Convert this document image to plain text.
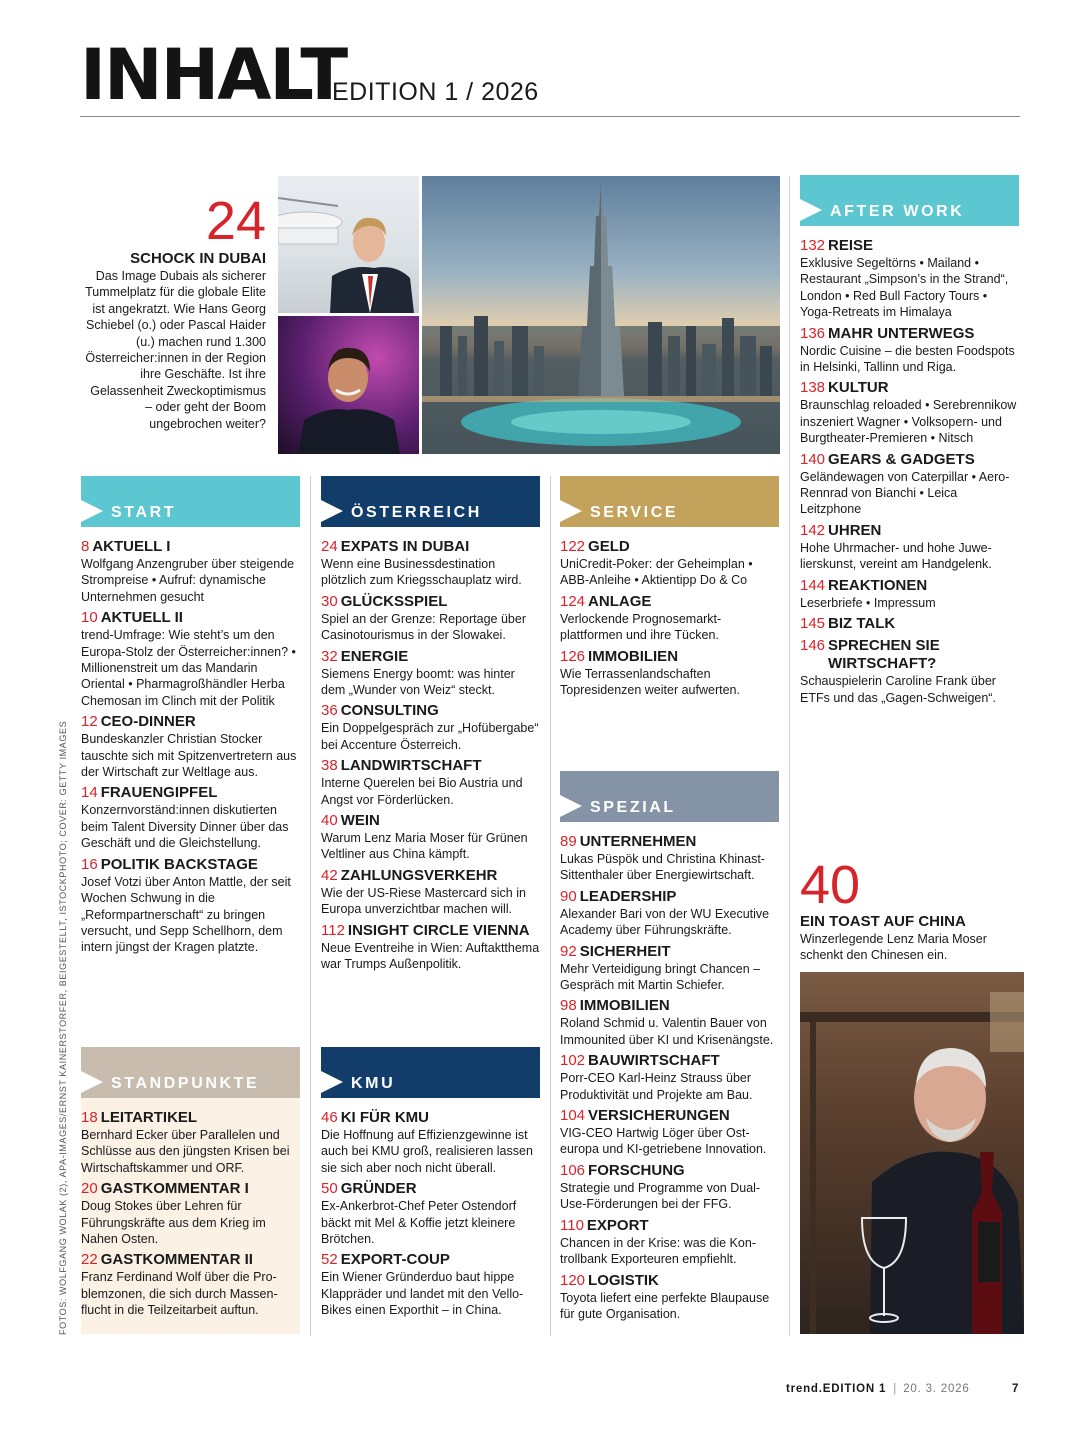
INHALT
EDITION 1 / 2026
24
SCHOCK IN DUBAI
Das Image Dubais als sicherer Tummelplatz für die globale Elite ist angekratzt. Wie Hans Georg Schiebel (o.) oder Pascal Haider (u.) machen rund 1.300 Österreicher:innen in der Region ihre Geschäfte. Ist ihre Gelassenheit Zweckoptimismus – oder geht der Boom ungebrochen weiter?
START
8 AKTUELL I
Wolfgang Anzengruber über steigende Strompreise • Aufruf: dynamische Unternehmen gesucht
10 AKTUELL II
trend-Umfrage: Wie steht’s um den Europa-Stolz der Österreicher:innen? • Millionenstreit um das Mandarin Oriental • Pharmagroßhändler Herba Chemosan im Clinch mit der Politik
12 CEO-DINNER
Bundeskanzler Christian Stocker tauschte sich mit Spitzenvertretern aus der Wirtschaft zur Weltlage aus.
14 FRAUENGIPFEL
Konzernvorständ:innen diskutierten beim Talent Diversity Dinner über das Geschäft und die Gleichstellung.
16 POLITIK BACKSTAGE
Josef Votzi über Anton Mattle, der seit Wochen Schwung in die „Reformpartnerschaft“ zu bringen versucht, und Sepp Schellhorn, dem intern jüngst der Kragen platzte.
STANDPUNKTE
18 LEITARTIKEL
Bernhard Ecker über Parallelen und Schlüsse aus den jüngsten Krisen bei Wirtschaftskammer und ORF.
20 GASTKOMMENTAR I
Doug Stokes über Lehren für Führungskräfte aus dem Krieg im Nahen Osten.
22 GASTKOMMENTAR II
Franz Ferdinand Wolf über die Problemzonen, die sich durch Massenflucht in die Teilzeitarbeit auftun.
ÖSTERREICH
24 EXPATS IN DUBAI
Wenn eine Businessdestination plötzlich zum Kriegsschauplatz wird.
30 GLÜCKSSPIEL
Spiel an der Grenze: Reportage über Casinotourismus in der Slowakei.
32 ENERGIE
Siemens Energy boomt: was hinter dem „Wunder von Weiz“ steckt.
36 CONSULTING
Ein Doppelgespräch zur „Hofübergabe“ bei Accenture Österreich.
38 LANDWIRTSCHAFT
Interne Querelen bei Bio Austria und Angst vor Förderlücken.
40 WEIN
Warum Lenz Maria Moser für Grünen Veltliner aus China kämpft.
42 ZAHLUNGSVERKEHR
Wie der US-Riese Mastercard sich in Europa unverzichtbar machen will.
112 INSIGHT CIRCLE VIENNA
Neue Eventreihe in Wien: Auftaktthema war Trumps Außenpolitik.
KMU
46 KI FÜR KMU
Die Hoffnung auf Effizienzgewinne ist auch bei KMU groß, realisieren lassen sie sich aber noch nicht überall.
50 GRÜNDER
Ex-Ankerbrot-Chef Peter Ostendorf bäckt mit Mel & Koffie jetzt kleinere Brötchen.
52 EXPORT-COUP
Ein Wiener Gründerduo baut hippe Klappräder und landet mit den Vello-Bikes einen Exporthit – in China.
SERVICE
122 GELD
UniCredit-Poker: der Geheimplan • ABB-Anleihe • Aktientipp Do & Co
124 ANLAGE
Verlockende Prognosemarktplattformen und ihre Tücken.
126 IMMOBILIEN
Wie Terrassenlandschaften Topresidenzen weiter aufwerten.
SPEZIAL
89 UNTERNEHMEN
Lukas Püspök und Christina Khinast-Sittenthaler über Energiewirtschaft.
90 LEADERSHIP
Alexander Bari von der WU Executive Academy über Führungskräfte.
92 SICHERHEIT
Mehr Verteidigung bringt Chancen – Gespräch mit Martin Schiefer.
98 IMMOBILIEN
Roland Schmid u. Valentin Bauer von Immounited über KI und Krisenängste.
102 BAUWIRTSCHAFT
Porr-CEO Karl-Heinz Strauss über Produktivität und Projekte am Bau.
104 VERSICHERUNGEN
VIG-CEO Hartwig Löger über Osteuropa und KI-getriebene Innovation.
106 FORSCHUNG
Strategie und Programme von Dual-Use-Förderungen bei der FFG.
110 EXPORT
Chancen in der Krise: was die Kontrollbank Exporteuren empfiehlt.
120 LOGISTIK
Toyota liefert eine perfekte Blaupause für gute Organisation.
AFTER WORK
132 REISE
Exklusive Segeltörns • Mailand • Restaurant „Simpson’s in the Strand“, London • Red Bull Factory Tours • Yoga-Retreats im Himalaya
136 MAHR UNTERWEGS
Nordic Cuisine – die besten Foodspots in Helsinki, Tallinn und Riga.
138 KULTUR
Braunschlag reloaded • Serebrennikow inszeniert Wagner • Volksopern- und Burgtheater-Premieren • Nitsch
140 GEARS & GADGETS
Geländewagen von Caterpillar • Aero-Rennrad von Bianchi • Leica Leitzphone
142 UHREN
Hohe Uhrmacher- und hohe Juwelierskunst, vereint am Handgelenk.
144 REAKTIONEN
Leserbriefe • Impressum
145 BIZ TALK
146 SPRECHEN SIE WIRTSCHAFT?
Schauspielerin Caroline Frank über ETFs und das „Gagen-Schweigen“.
40
EIN TOAST AUF CHINA
Winzerlegende Lenz Maria Moser schenkt den Chinesen ein.
FOTOS: WOLFGANG WOLAK (2), APA-IMAGES/ERNST KAINERSTORFER, BEIGESTELLT, ISTOCKPHOTO; COVER: GETTY IMAGES
trend.EDITION 1 | 20. 3. 2026	7
